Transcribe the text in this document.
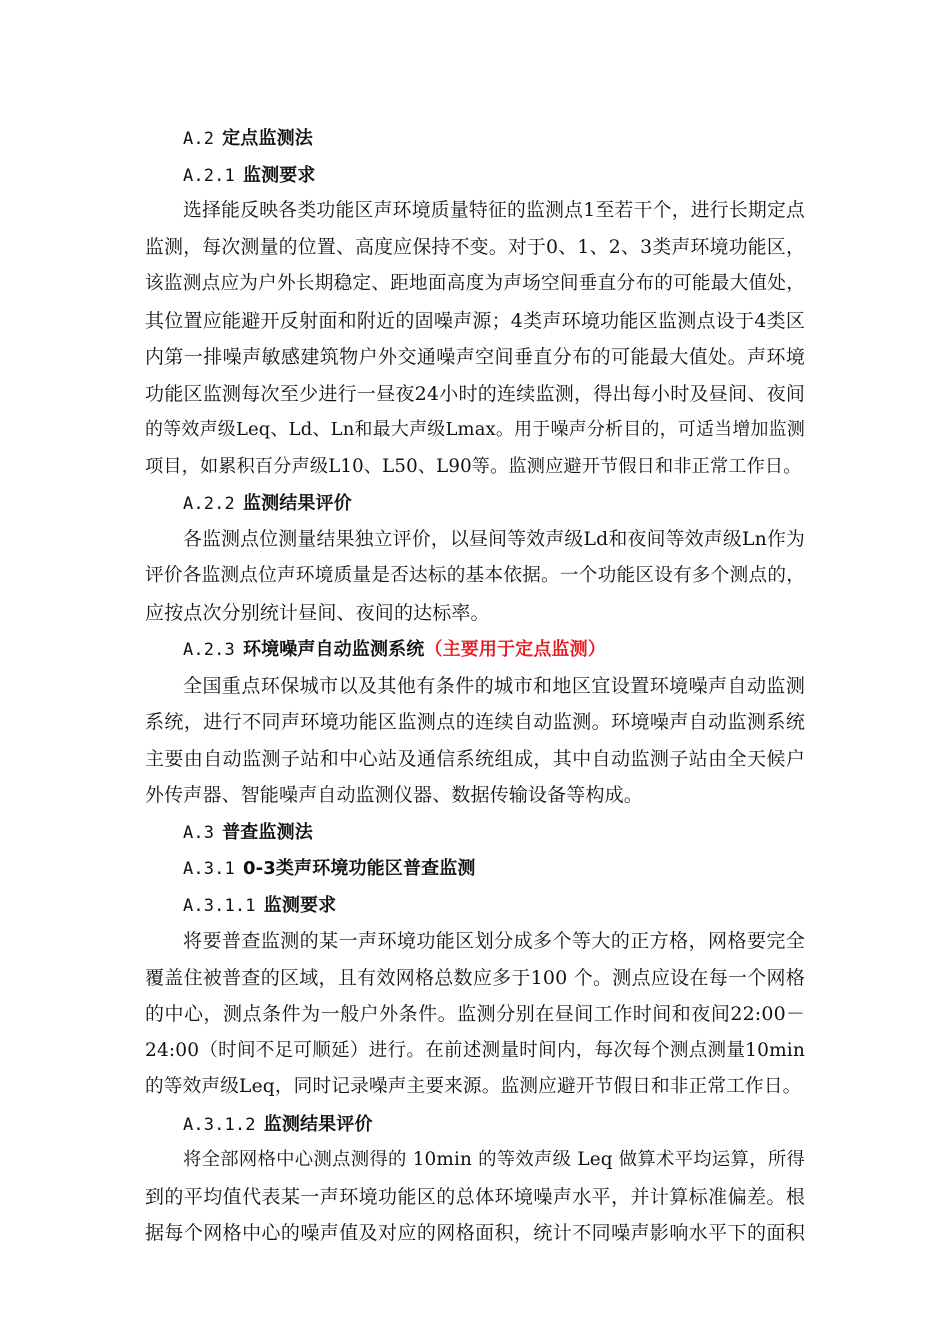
A.2 定点监测法
A.2.1 监测要求
选择能反映各类功能区声环境质量特征的监测点1至若干个，进行长期定点
监测，每次测量的位置、高度应保持不变。对于0、1、2、3类声环境功能区，
该监测点应为户外长期稳定、距地面高度为声场空间垂直分布的可能最大值处，
其位置应能避开反射面和附近的固噪声源；4类声环境功能区监测点设于4类区
内第一排噪声敏感建筑物户外交通噪声空间垂直分布的可能最大值处。声环境
功能区监测每次至少进行一昼夜24小时的连续监测，得出每小时及昼间、夜间
的等效声级Leq、Ld、Ln和最大声级Lmax。用于噪声分析目的，可适当增加监测
项目，如累积百分声级L10、L50、L90等。监测应避开节假日和非正常工作日。
A.2.2 监测结果评价
各监测点位测量结果独立评价，以昼间等效声级Ld和夜间等效声级Ln作为
评价各监测点位声环境质量是否达标的基本依据。一个功能区设有多个测点的，
应按点次分别统计昼间、夜间的达标率。
A.2.3 环境噪声自动监测系统（主要用于定点监测）
全国重点环保城市以及其他有条件的城市和地区宜设置环境噪声自动监测
系统，进行不同声环境功能区监测点的连续自动监测。环境噪声自动监测系统
主要由自动监测子站和中心站及通信系统组成，其中自动监测子站由全天候户
外传声器、智能噪声自动监测仪器、数据传输设备等构成。
A.3 普查监测法
A.3.1 0-3类声环境功能区普查监测
A.3.1.1 监测要求
将要普查监测的某一声环境功能区划分成多个等大的正方格，网格要完全
覆盖住被普查的区域，且有效网格总数应多于100 个。测点应设在每一个网格
的中心，测点条件为一般户外条件。监测分别在昼间工作时间和夜间22:00－
24:00（时间不足可顺延）进行。在前述测量时间内，每次每个测点测量10min
的等效声级Leq，同时记录噪声主要来源。监测应避开节假日和非正常工作日。
A.3.1.2 监测结果评价
将全部网格中心测点测得的 10min 的等效声级 Leq 做算术平均运算，所得
到的平均值代表某一声环境功能区的总体环境噪声水平，并计算标准偏差。根
据每个网格中心的噪声值及对应的网格面积，统计不同噪声影响水平下的面积
